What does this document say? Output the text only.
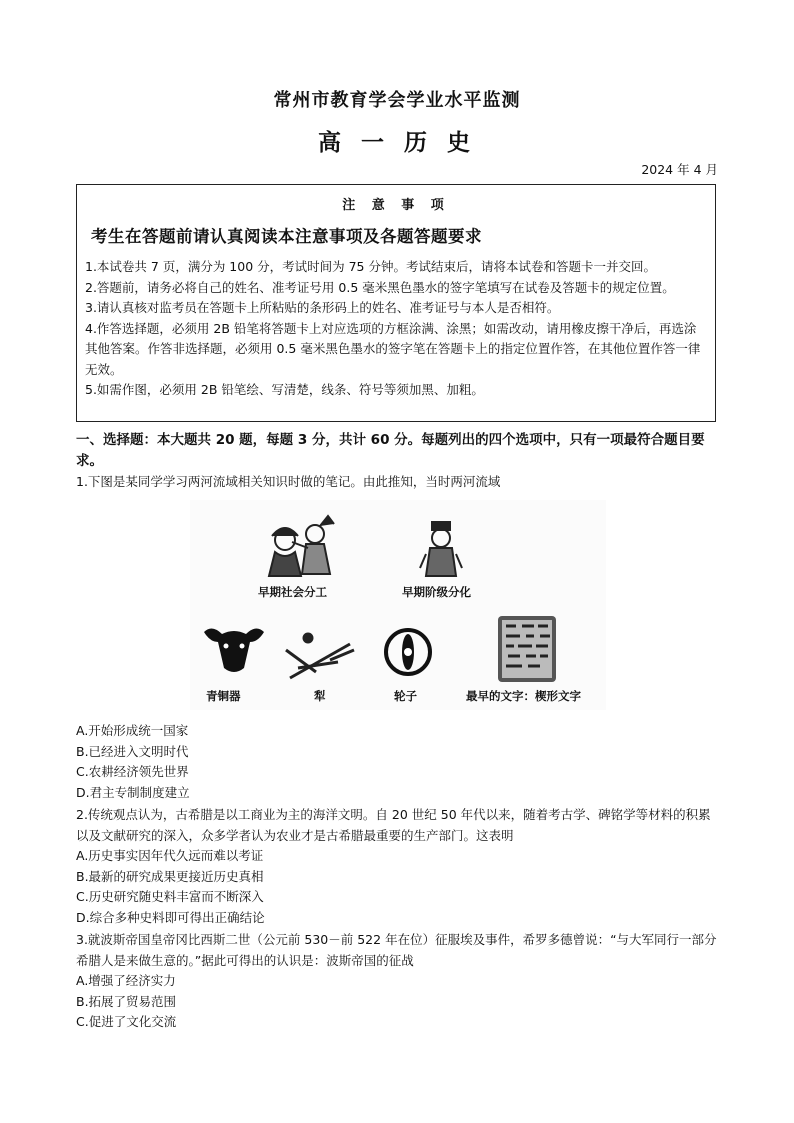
常州市教育学会学业水平监测
高 一 历 史
2024 年 4 月
注 意 事 项
考生在答题前请认真阅读本注意事项及各题答题要求
1.本试卷共 7 页，满分为 100 分，考试时间为 75 分钟。考试结束后，请将本试卷和答题卡一并交回。
2.答题前，请务必将自己的姓名、准考证号用 0.5 毫米黑色墨水的签字笔填写在试卷及答题卡的规定位置。
3.请认真核对监考员在答题卡上所粘贴的条形码上的姓名、准考证号与本人是否相符。
4.作答选择题，必须用 2B 铅笔将答题卡上对应选项的方框涂满、涂黑；如需改动，请用橡皮擦干净后，再选涂其他答案。作答非选择题，必须用 0.5 毫米黑色墨水的签字笔在答题卡上的指定位置作答，在其他位置作答一律无效。
5.如需作图，必须用 2B 铅笔绘、写清楚，线条、符号等须加黑、加粗。
一、选择题：本大题共 20 题，每题 3 分，共计 60 分。每题列出的四个选项中，只有一项最符合题目要求。
1.下图是某同学学习两河流域相关知识时做的笔记。由此推知，当时两河流域
早期社会分工	早期阶级分化
青铜器	犁	轮子	最早的文字：楔形文字
A.开始形成统一国家
B.已经进入文明时代
C.农耕经济领先世界
D.君主专制制度建立
2.传统观点认为，古希腊是以工商业为主的海洋文明。自 20 世纪 50 年代以来，随着考古学、碑铭学等材料的积累以及文献研究的深入，众多学者认为农业才是古希腊最重要的生产部门。这表明
A.历史事实因年代久远而难以考证
B.最新的研究成果更接近历史真相
C.历史研究随史料丰富而不断深入
D.综合多种史料即可得出正确结论
3.就波斯帝国皇帝冈比西斯二世（公元前 530－前 522 年在位）征服埃及事件，希罗多德曾说：“与大军同行一部分希腊人是来做生意的。”据此可得出的认识是：波斯帝国的征战
A.增强了经济实力
B.拓展了贸易范围
C.促进了文化交流
